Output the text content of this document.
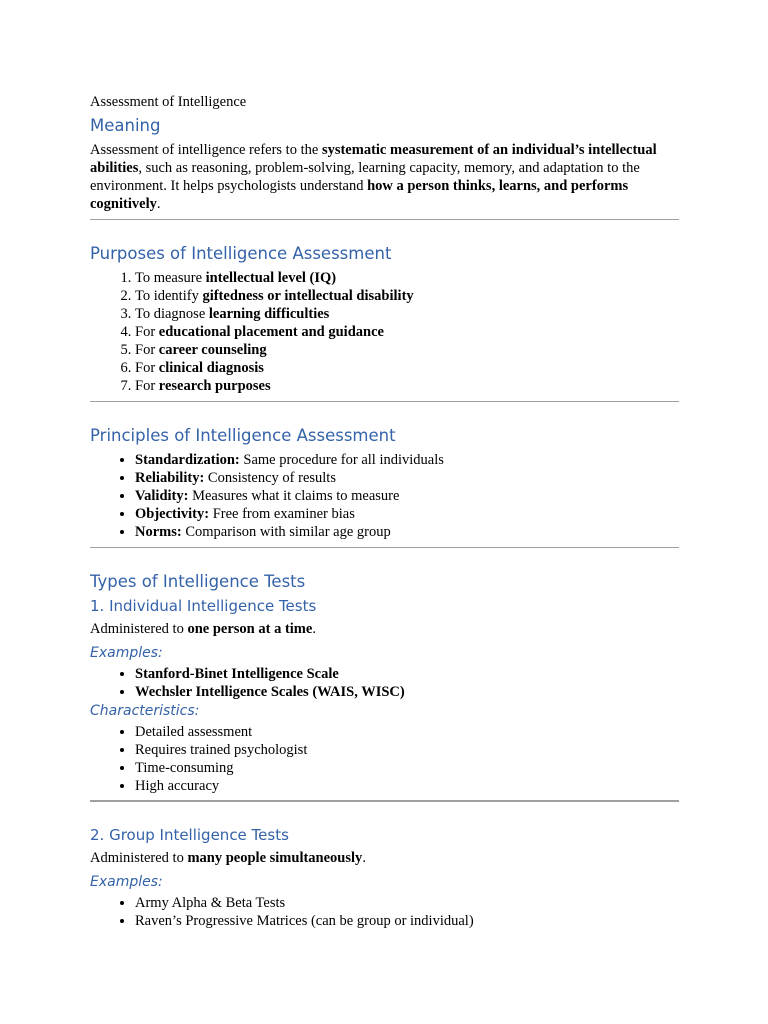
Assessment of Intelligence
Meaning

Assessment of intelligence refers to the systematic measurement of an individual’s intellectual abilities, such as reasoning, problem-solving, learning capacity, memory, and adaptation to the environment. It helps psychologists understand how a person thinks, learns, and performs cognitively.

Purposes of Intelligence Assessment
1. To measure intellectual level (IQ)
2. To identify giftedness or intellectual disability
3. To diagnose learning difficulties
4. For educational placement and guidance
5. For career counseling
6. For clinical diagnosis
7. For research purposes
Principles of Intelligence Assessment
• Standardization: Same procedure for all individuals
• Reliability: Consistency of results
• Validity: Measures what it claims to measure
• Objectivity: Free from examiner bias
• Norms: Comparison with similar age group
Types of Intelligence Tests
1. Individual Intelligence Tests

Administered to one person at a time.

Examples:
• Stanford-Binet Intelligence Scale
• Wechsler Intelligence Scales (WAIS, WISC)
Characteristics:
• Detailed assessment
• Requires trained psychologist
• Time-consuming
• High accuracy
2. Group Intelligence Tests

Administered to many people simultaneously.

Examples:
• Army Alpha & Beta Tests
• Raven’s Progressive Matrices (can be group or individual)
